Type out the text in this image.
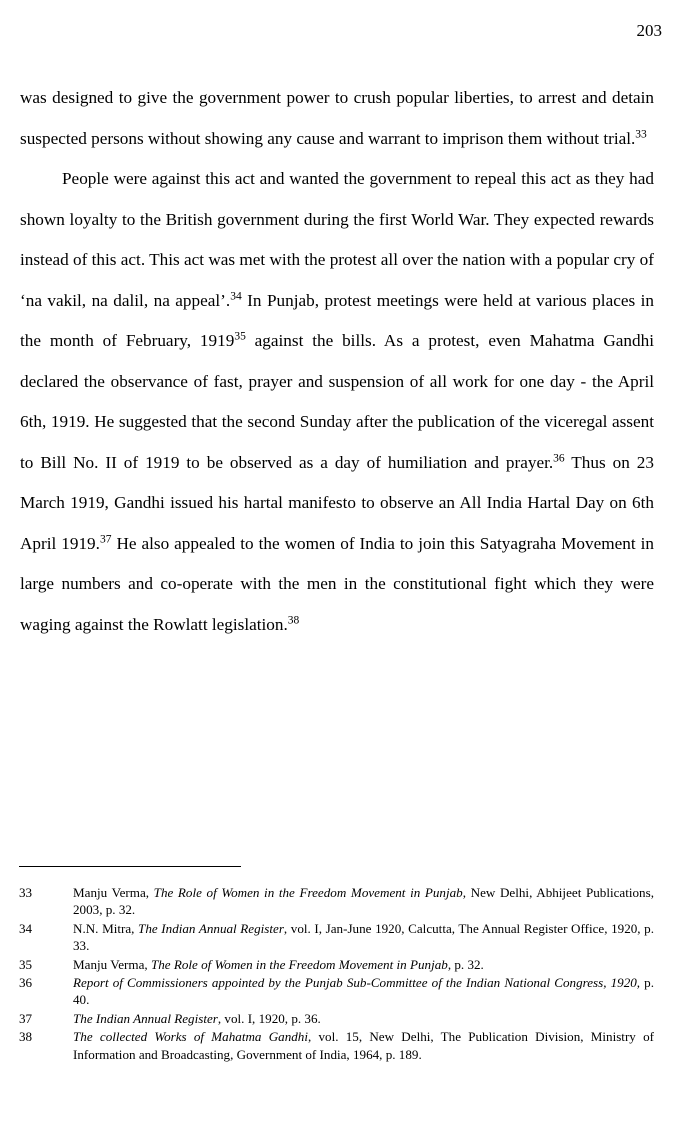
203

was designed to give the government power to crush popular liberties, to arrest and detain suspected persons without showing any cause and warrant to imprison them without trial.$^{33}$

People were against this act and wanted the government to repeal this act as they had shown loyalty to the British government during the first World War. They expected rewards instead of this act. This act was met with the protest all over the nation with a popular cry of ‘na vakil, na dalil, na appeal’.$^{34}$ In Punjab, protest meetings were held at various places in the month of February, 1919$^{35}$ against the bills. As a protest, even Mahatma Gandhi declared the observance of fast, prayer and suspension of all work for one day - the April 6th, 1919. He suggested that the second Sunday after the publication of the viceregal assent to Bill No. II of 1919 to be observed as a day of humiliation and prayer.$^{36}$ Thus on 23 March 1919, Gandhi issued his hartal manifesto to observe an All India Hartal Day on 6th April 1919.37 He also appealed to the women of India to join this Satyagraha Movement in large numbers and co-operate with the men in the constitutional fight which they were waging against the Rowlatt legislation.$^{38}$

33	Manju Verma, The Role of Women in the Freedom Movement in Punjab, New Delhi, Abhijeet Publications, 2003, p. 32.
34	N.N. Mitra, The Indian Annual Register, vol. I, Jan-June 1920, Calcutta, The Annual Register Office, 1920, p. 33.
35	Manju Verma, The Role of Women in the Freedom Movement in Punjab, p. 32.
36	Report of Commissioners appointed by the Punjab Sub-Committee of the Indian National Congress, 1920, p. 40.
37	The Indian Annual Register, vol. I, 1920, p. 36.
38	The collected Works of Mahatma Gandhi, vol. 15, New Delhi, The Publication Division, Ministry of Information and Broadcasting, Government of India, 1964, p. 189.
